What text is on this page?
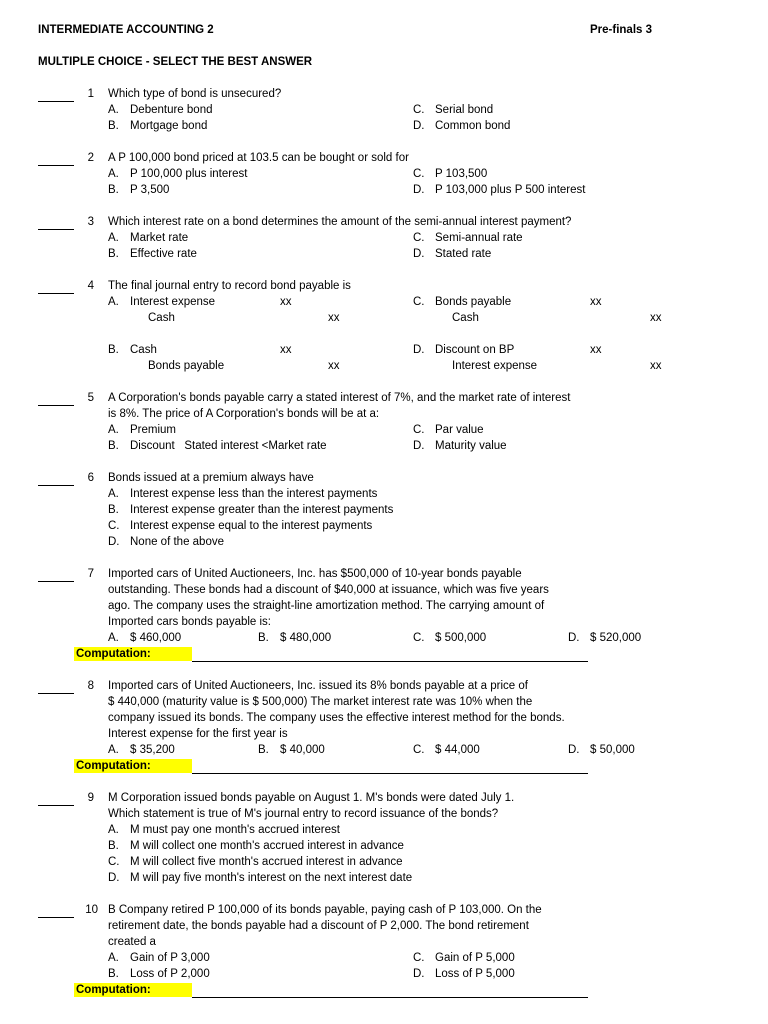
INTERMEDIATE ACCOUNTING 2	Pre-finals 3
MULTIPLE CHOICE - SELECT THE BEST ANSWER
1 Which type of bond is unsecured?
A. Debenture bond
B. Mortgage bond
C. Serial bond
D. Common bond
2 A P 100,000 bond priced at 103.5 can be bought or sold for
A. P 100,000 plus interest
B. P 3,500
C. P 103,500
D. P 103,000 plus P 500 interest
3 Which interest rate on a bond determines the amount of the semi-annual interest payment?
A. Market rate
B. Effective rate
C. Semi-annual rate
D. Stated rate
4 The final journal entry to record bond payable is
A. Interest expense	xx
Cash	xx
C. Bonds payable	xx
Cash	xx
B. Cash	xx
Bonds payable	xx
D. Discount on BP	xx
Interest expense	xx
5 A Corporation's bonds payable carry a stated interest of 7%, and the market rate of interest
is 8%. The price of A Corporation's bonds will be at a:
A. Premium
B. Discount   Stated interest <Market rate
C. Par value
D. Maturity value
6 Bonds issued at a premium always have
A. Interest expense less than the interest payments
B. Interest expense greater than the interest payments
C. Interest expense equal to the interest payments
D. None of the above
7 Imported cars of United Auctioneers, Inc. has $500,000 of 10-year bonds payable
outstanding. These bonds had a discount of $40,000 at issuance, which was five years
ago. The company uses the straight-line amortization method. The carrying amount of
Imported cars bonds payable is:
A. $ 460,000	B. $ 480,000	C. $ 500,000	D. $ 520,000
Computation:
8 Imported cars of United Auctioneers, Inc. issued its 8% bonds payable at a price of
$ 440,000 (maturity value is $ 500,000) The market interest rate was 10% when the
company issued its bonds. The company uses the effective interest method for the bonds.
Interest expense for the first year is
A. $ 35,200	B. $ 40,000	C. $ 44,000	D. $ 50,000
Computation:
9 M Corporation issued bonds payable on August 1. M's bonds were dated July 1.
Which statement is true of M's journal entry to record issuance of the bonds?
A. M must pay one month's accrued interest
B. M will collect one month's accrued interest in advance
C. M will collect five month's accrued interest in advance
D. M will pay five month's interest on the next interest date
10 B Company retired P 100,000 of its bonds payable, paying cash of P 103,000. On the
retirement date, the bonds payable had a discount of P 2,000. The bond retirement
created a
A. Gain of P 3,000
B. Loss of P 2,000
C. Gain of P 5,000
D. Loss of P 5,000
Computation:
